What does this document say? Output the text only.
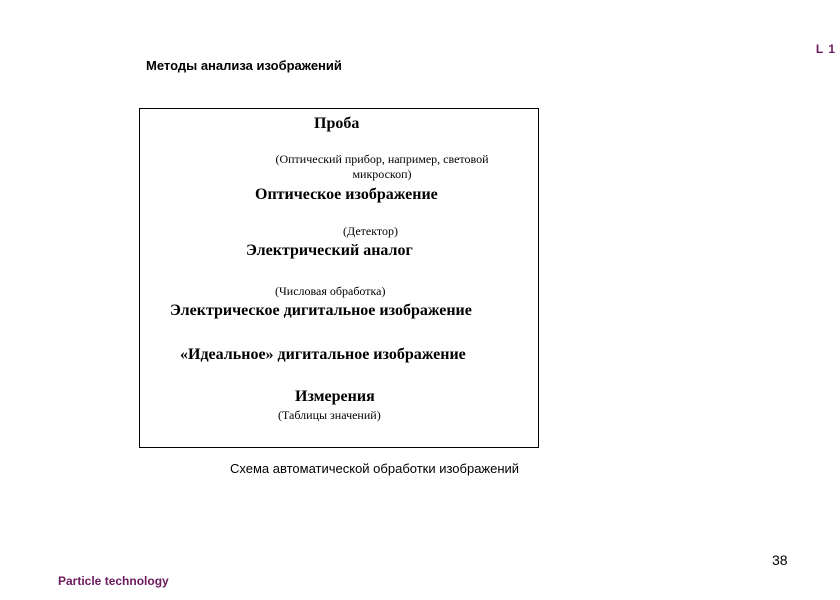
L 1
Методы анализа изображений
Проба
(Оптический прибор, например, световой микроскоп)
Оптическое изображение
(Детектор)
Электрический аналог
(Числовая обработка)
Электрическое дигитальное изображение
«Идеальное» дигитальное изображение
Измерения
(Таблицы значений)
Схема автоматической обработки изображений
38
Particle technology
